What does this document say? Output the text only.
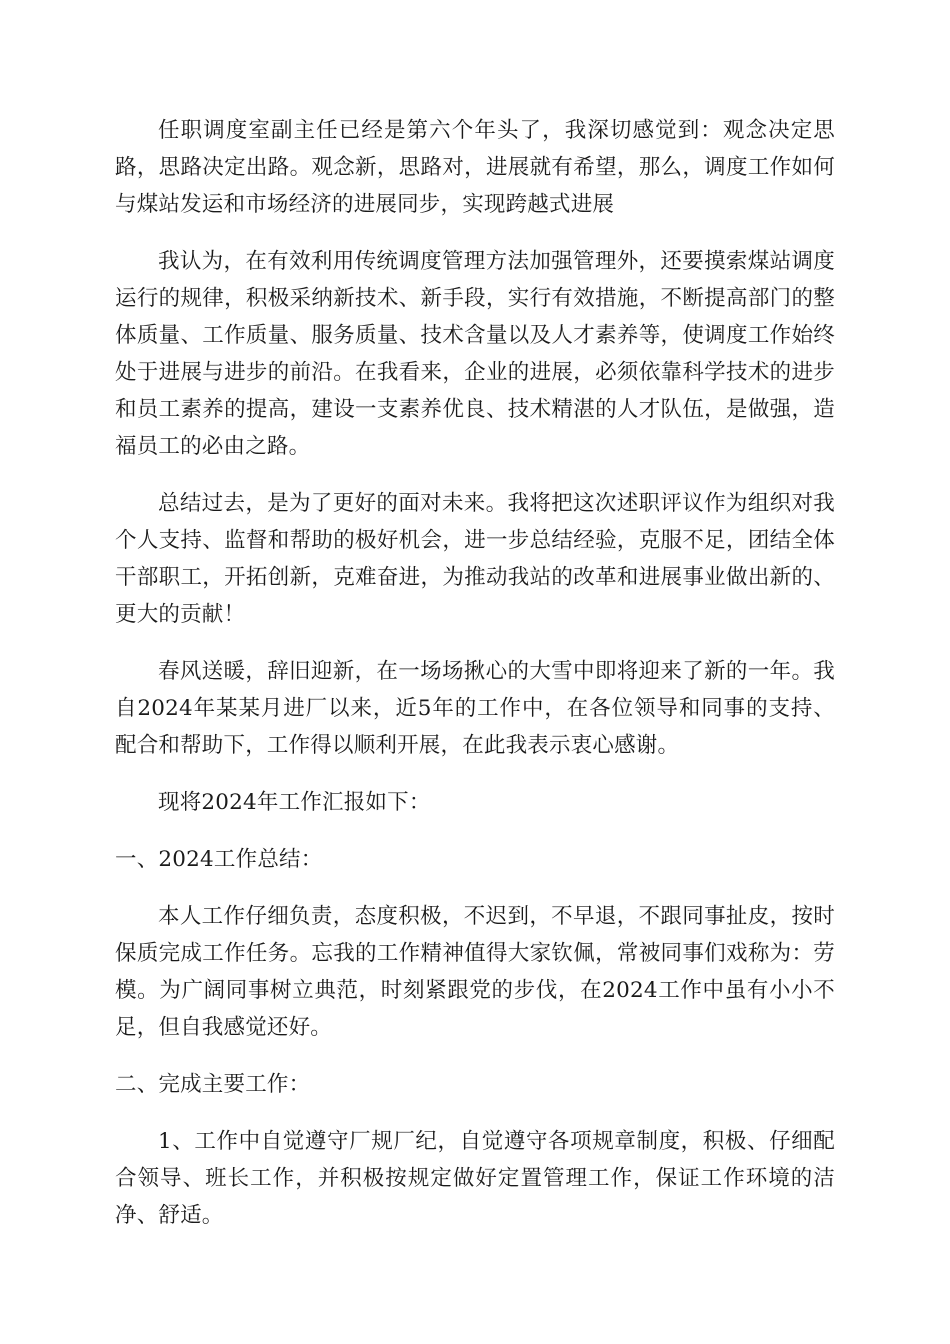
任职调度室副主任已经是第六个年头了，我深切感觉到：观念决定思路，思路决定出路。观念新，思路对，进展就有希望，那么，调度工作如何与煤站发运和市场经济的进展同步，实现跨越式进展

我认为，在有效利用传统调度管理方法加强管理外，还要摸索煤站调度运行的规律，积极采纳新技术、新手段，实行有效措施，不断提高部门的整体质量、工作质量、服务质量、技术含量以及人才素养等，使调度工作始终处于进展与进步的前沿。在我看来，企业的进展，必须依靠科学技术的进步和员工素养的提高，建设一支素养优良、技术精湛的人才队伍，是做强，造福员工的必由之路。

总结过去，是为了更好的面对未来。我将把这次述职评议作为组织对我个人支持、监督和帮助的极好机会，进一步总结经验，克服不足，团结全体干部职工，开拓创新，克难奋进，为推动我站的改革和进展事业做出新的、更大的贡献！

春风送暖，辞旧迎新，在一场场揪心的大雪中即将迎来了新的一年。我自2024年某某月进厂以来，近5年的工作中，在各位领导和同事的支持、配合和帮助下，工作得以顺利开展，在此我表示衷心感谢。

现将2024年工作汇报如下：

一、2024工作总结：

本人工作仔细负责，态度积极，不迟到，不早退，不跟同事扯皮，按时保质完成工作任务。忘我的工作精神值得大家钦佩，常被同事们戏称为：劳模。为广阔同事树立典范，时刻紧跟党的步伐，在2024工作中虽有小小不足，但自我感觉还好。

二、完成主要工作：

1、工作中自觉遵守厂规厂纪，自觉遵守各项规章制度，积极、仔细配合领导、班长工作，并积极按规定做好定置管理工作，保证工作环境的洁净、舒适。
